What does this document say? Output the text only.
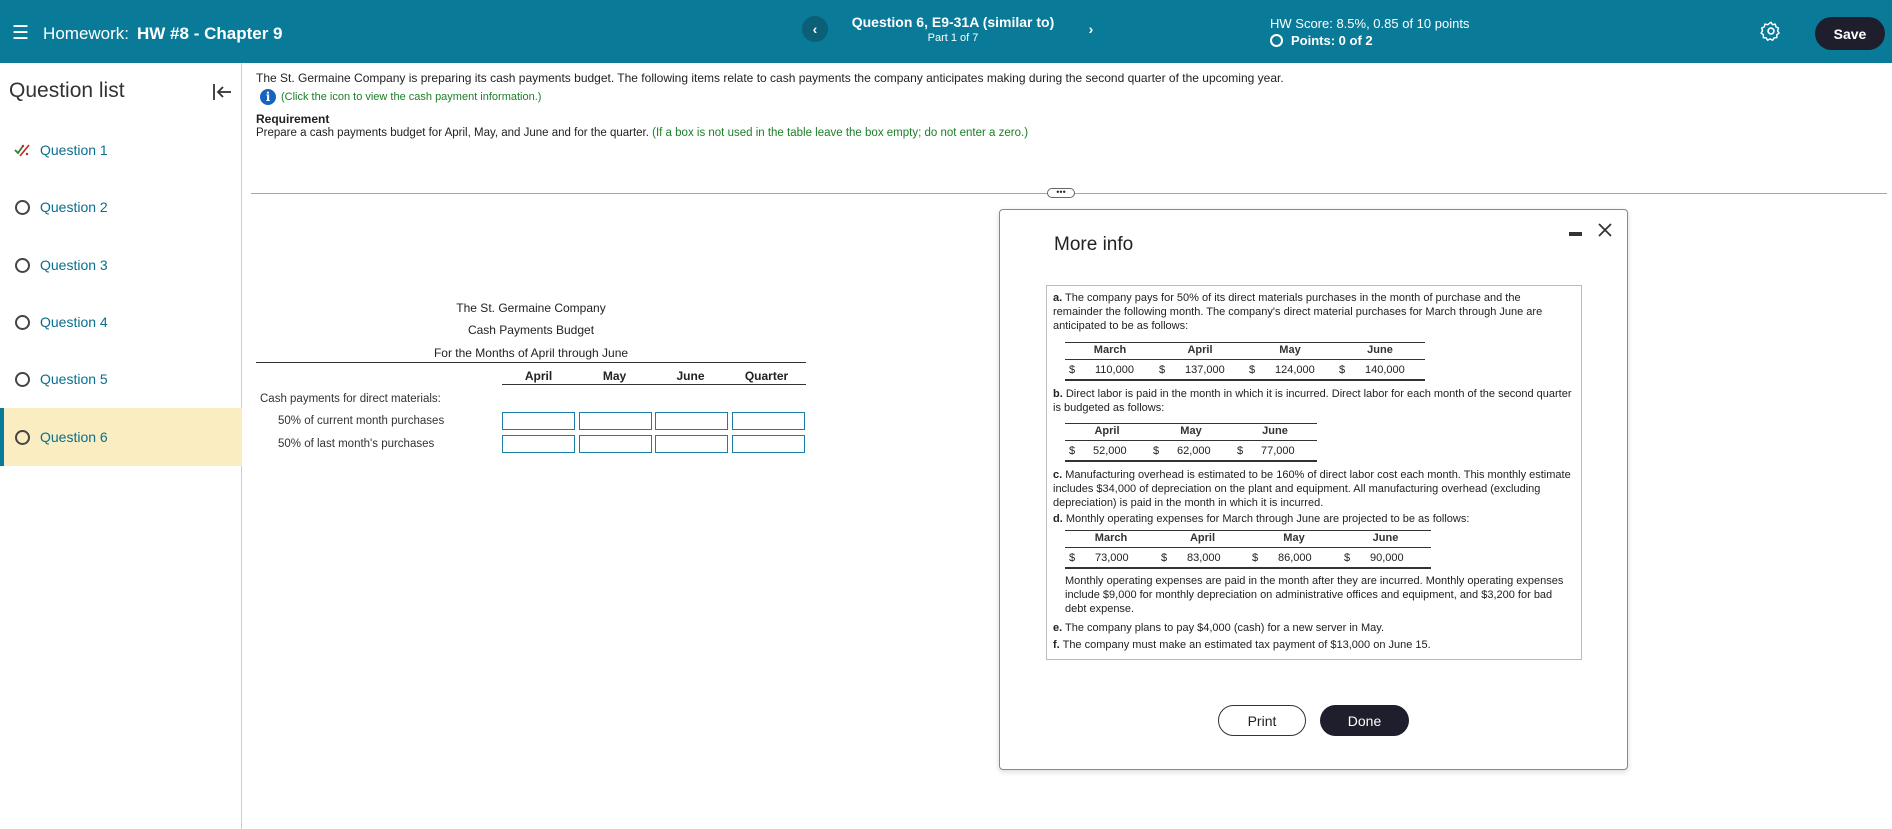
☰ Homework: HW #8 - Chapter 9	‹	Question 6, E9-31A (similar to)
Part 1 of 7
›	HW Score: 8.5%, 0.85 of 10 points
Points: 0 of 2	Save
Question list
Question 1
Question 2
Question 3
Question 4
Question 5
Question 6
The St. Germaine Company is preparing its cash payments budget. The following items relate to cash payments the company anticipates making during the second quarter of the upcoming year.
i (Click the icon to view the cash payment information.)
Requirement
Prepare a cash payments budget for April, May, and June and for the quarter. (If a box is not used in the table leave the box empty; do not enter a zero.)
•••
The St. Germaine Company
Cash Payments Budget
For the Months of April through June
April	May	June	Quarter
Cash payments for direct materials:
50% of current month purchases
50% of last month's purchases
More info
a. The company pays for 50% of its direct materials purchases in the month of purchase and the remainder the following month. The company's direct material purchases for March through June are anticipated to be as follows:
March	April	May	June
$ 110,000 $ 137,000 $ 124,000 $ 140,000
b. Direct labor is paid in the month in which it is incurred. Direct labor for each month of the second quarter is budgeted as follows:
April	May	June
$ 52,000 $ 62,000 $ 77,000
c. Manufacturing overhead is estimated to be 160% of direct labor cost each month. This monthly estimate includes $34,000 of depreciation on the plant and equipment. All manufacturing overhead (excluding depreciation) is paid in the month in which it is incurred.
d. Monthly operating expenses for March through June are projected to be as follows:
March	April	May	June
$ 73,000	$ 83,000	$ 86,000	$ 90,000
Monthly operating expenses are paid in the month after they are incurred. Monthly operating expenses include $9,000 for monthly depreciation on administrative offices and equipment, and $3,200 for bad debt expense.
e. The company plans to pay $4,000 (cash) for a new server in May.
f. The company must make an estimated tax payment of $13,000 on June 15.
Print	Done
